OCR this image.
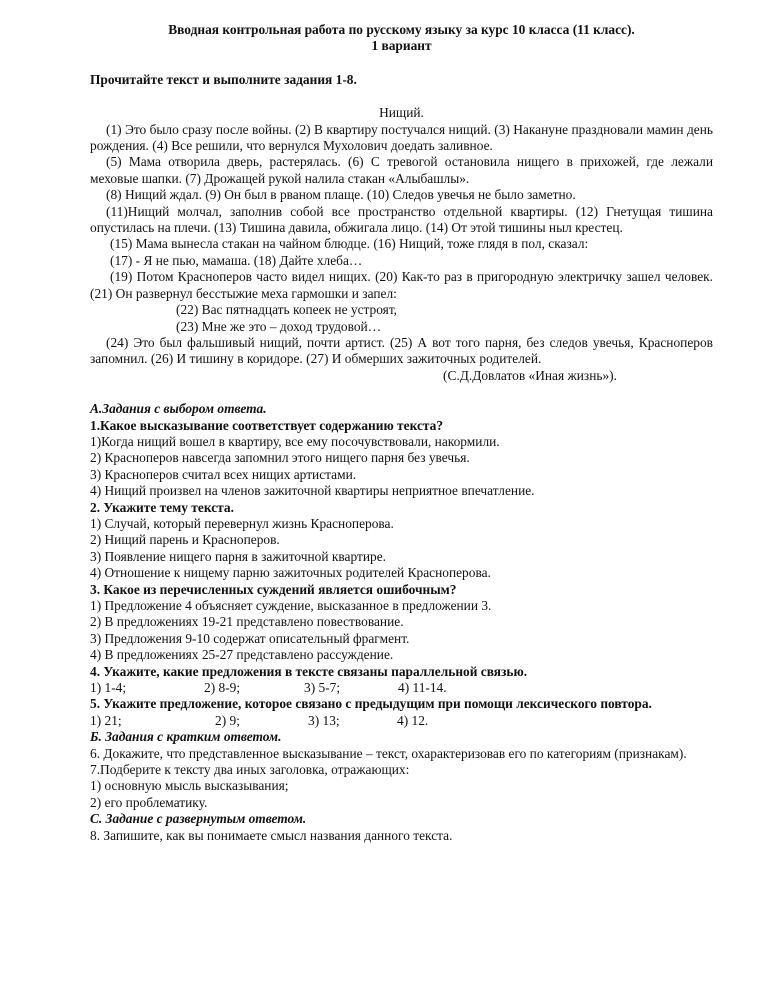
Вводная контрольная работа по русскому языку за курс 10 класса (11 класс).
1 вариант
Прочитайте текст и выполните задания 1-8.
Нищий.
(1) Это было сразу после войны. (2) В квартиру постучался нищий. (3) Накануне праздновали мамин день рождения. (4) Все решили, что вернулся Мухолович доедать заливное.
(5) Мама отворила дверь, растерялась. (6) С тревогой остановила нищего в прихожей, где лежали меховые шапки. (7) Дрожащей рукой налила стакан «Алыбашлы».
(8) Нищий ждал. (9) Он был в рваном плаще. (10) Следов увечья не было заметно.
(11)Нищий молчал, заполнив собой все пространство отдельной квартиры. (12) Гнетущая тишина опустилась на плечи. (13) Тишина давила, обжигала лицо. (14) От этой тишины ныл крестец.
(15) Мама вынесла стакан на чайном блюдце. (16) Нищий, тоже глядя в пол, сказал:
(17) - Я не пью, мамаша. (18) Дайте хлеба…
(19) Потом Красноперов часто видел нищих. (20) Как-то раз в пригородную электричку зашел человек. (21) Он развернул бесстыжие меха гармошки и запел:
(22) Вас пятнадцать копеек не устроят,
(23) Мне же это – доход трудовой…
(24) Это был фальшивый нищий, почти артист. (25) А вот того парня, без следов увечья, Красноперов запомнил. (26) И тишину в коридоре. (27) И обмерших зажиточных родителей.
(С.Д.Довлатов «Иная жизнь»).
А.Задания с выбором ответа.
1.Какое высказывание соответствует содержанию текста?
1)Когда нищий вошел в квартиру, все ему посочувствовали, накормили.
2) Красноперов навсегда запомнил этого нищего парня без увечья.
3) Красноперов считал всех нищих артистами.
4) Нищий произвел на членов зажиточной квартиры неприятное впечатление.
2. Укажите тему текста.
1) Случай, который перевернул жизнь Красноперова.
2) Нищий парень и Красноперов.
3) Появление нищего парня в зажиточной квартире.
4) Отношение к нищему парню зажиточных родителей Красноперова.
3. Какое из перечисленных суждений является ошибочным?
1) Предложение 4 объясняет суждение, высказанное в предложении 3.
2) В предложениях 19-21 представлено повествование.
3) Предложения 9-10 содержат описательный фрагмент.
4) В предложениях 25-27 представлено рассуждение.
4. Укажите, какие предложения в тексте связаны параллельной связью.
1) 1-4;	2) 8-9;	3) 5-7;	4) 11-14.
5. Укажите предложение, которое связано с предыдущим при помощи лексического повтора.
1) 21;	2) 9;	3) 13;	4) 12.
Б. Задания с кратким ответом.
6. Докажите, что представленное высказывание – текст, охарактеризовав его по категориям (признакам).
7.Подберите к тексту два иных заголовка, отражающих:
1) основную мысль высказывания;
2) его проблематику.
С. Задание с развернутым ответом.
8. Запишите, как вы понимаете смысл названия данного текста.
